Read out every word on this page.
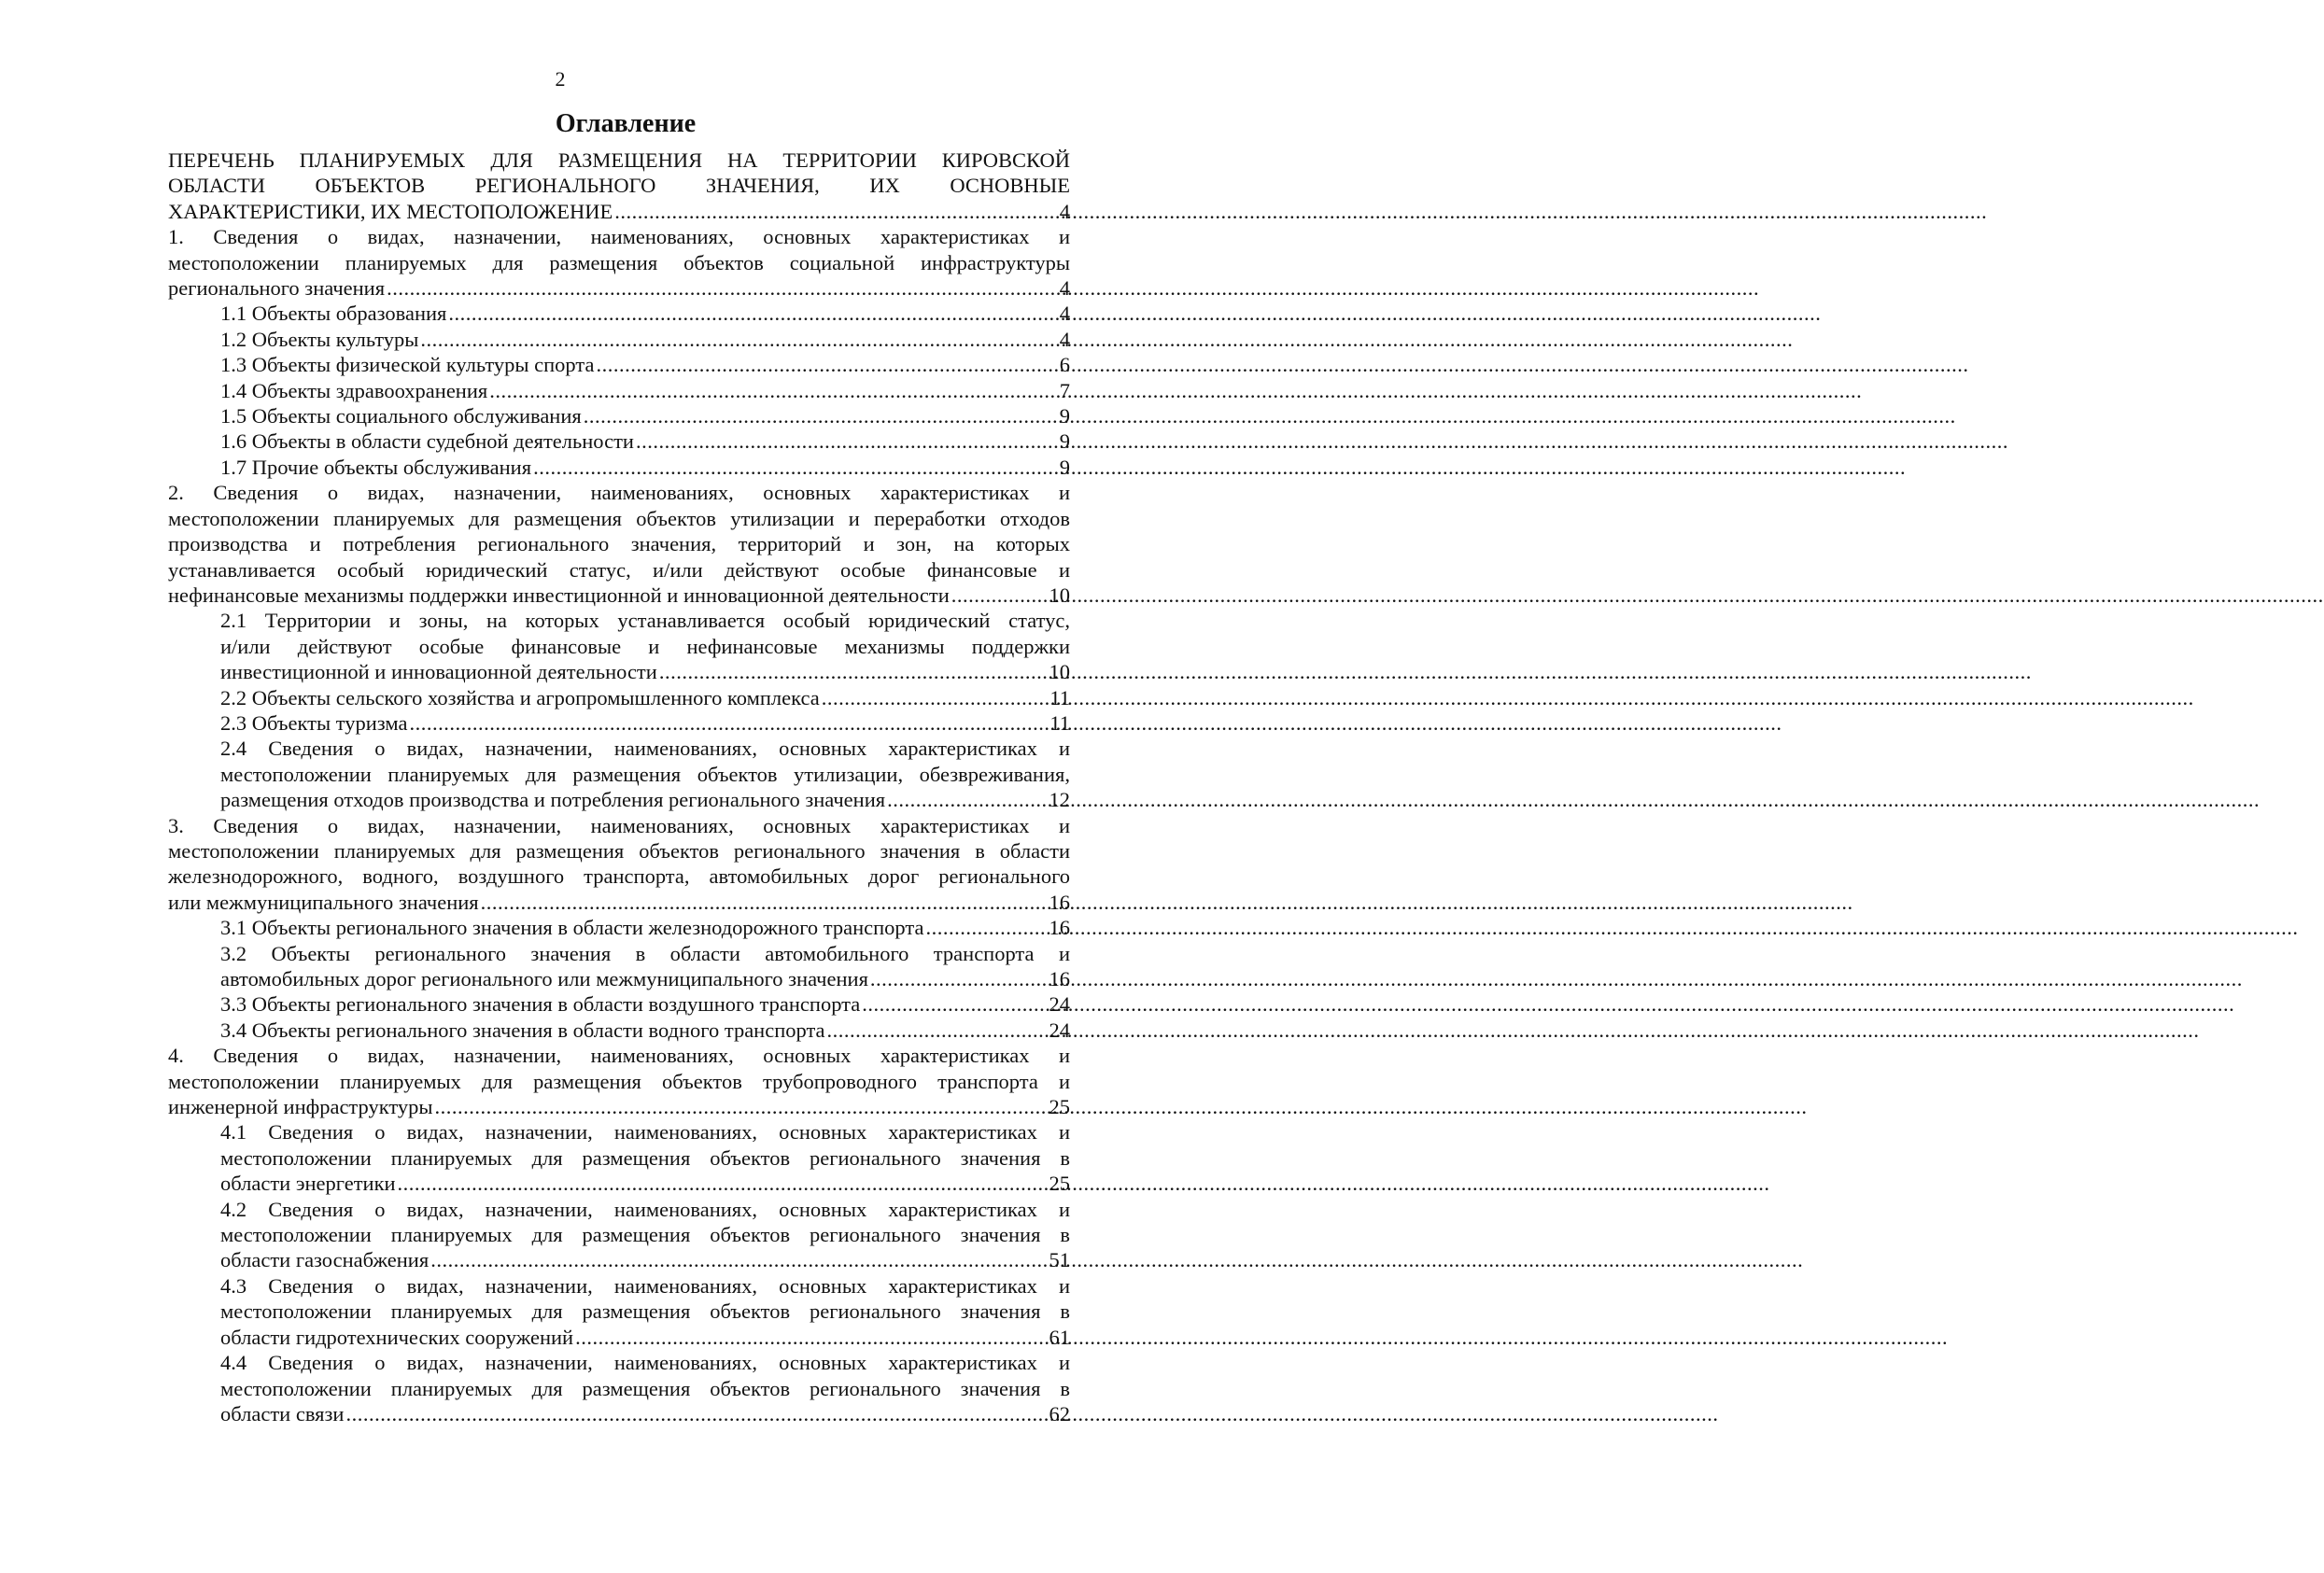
2
Оглавление
ПЕРЕЧЕНЬ ПЛАНИРУЕМЫХ ДЛЯ РАЗМЕЩЕНИЯ НА ТЕРРИТОРИИ КИРОВСКОЙ
ОБЛАСТИ ОБЪЕКТОВ РЕГИОНАЛЬНОГО ЗНАЧЕНИЯ, ИХ ОСНОВНЫЕ
ХАРАКТЕРИСТИКИ, ИХ МЕСТОПОЛОЖЕНИЕ .....	4
1. Сведения о видах, назначении, наименованиях, основных характеристиках и
местоположении планируемых для размещения объектов социальной инфраструктуры
регионального значения .....	4
1.1 Объекты образования .....	4
1.2 Объекты культуры .....	4
1.3 Объекты физической культуры спорта .....	6
1.4 Объекты здравоохранения .....	7
1.5 Объекты социального обслуживания .....	9
1.6 Объекты в области судебной деятельности .....	9
1.7 Прочие объекты обслуживания .....	9
2. Сведения о видах, назначении, наименованиях, основных характеристиках и
местоположении планируемых для размещения объектов утилизации и переработки отходов
производства и потребления регионального значения, территорий и зон, на которых
устанавливается особый юридический статус, и/или действуют особые финансовые и
нефинансовые механизмы поддержки инвестиционной и инновационной деятельности .....	10
2.1 Территории и зоны, на которых устанавливается особый юридический статус,
и/или действуют особые финансовые и нефинансовые механизмы поддержки
инвестиционной и инновационной деятельности .....	10
2.2 Объекты сельского хозяйства и агропромышленного комплекса .....	11
2.3 Объекты туризма .....	11
2.4 Сведения о видах, назначении, наименованиях, основных характеристиках и
местоположении планируемых для размещения объектов утилизации, обезвреживания,
размещения отходов производства и потребления регионального значения .....	12
3. Сведения о видах, назначении, наименованиях, основных характеристиках и
местоположении планируемых для размещения объектов регионального значения в области
железнодорожного, водного, воздушного транспорта, автомобильных дорог регионального
или межмуниципального значения .....	16
3.1 Объекты регионального значения в области железнодорожного транспорта .....	16
3.2 Объекты регионального значения в области автомобильного транспорта и
автомобильных дорог регионального или межмуниципального значения .....	16
3.3 Объекты регионального значения в области воздушного транспорта .....	24
3.4 Объекты регионального значения в области водного транспорта .....	24
4. Сведения о видах, назначении, наименованиях, основных характеристиках и
местоположении планируемых для размещения объектов трубопроводного транспорта и
инженерной инфраструктуры .....	25
4.1 Сведения о видах, назначении, наименованиях, основных характеристиках и
местоположении планируемых для размещения объектов регионального значения в
области энергетики .....	25
4.2 Сведения о видах, назначении, наименованиях, основных характеристиках и
местоположении планируемых для размещения объектов регионального значения в
области газоснабжения .....	51
4.3 Сведения о видах, назначении, наименованиях, основных характеристиках и
местоположении планируемых для размещения объектов регионального значения в
области гидротехнических сооружений .....	61
4.4 Сведения о видах, назначении, наименованиях, основных характеристиках и
местоположении планируемых для размещения объектов регионального значения в
области связи .....	62
